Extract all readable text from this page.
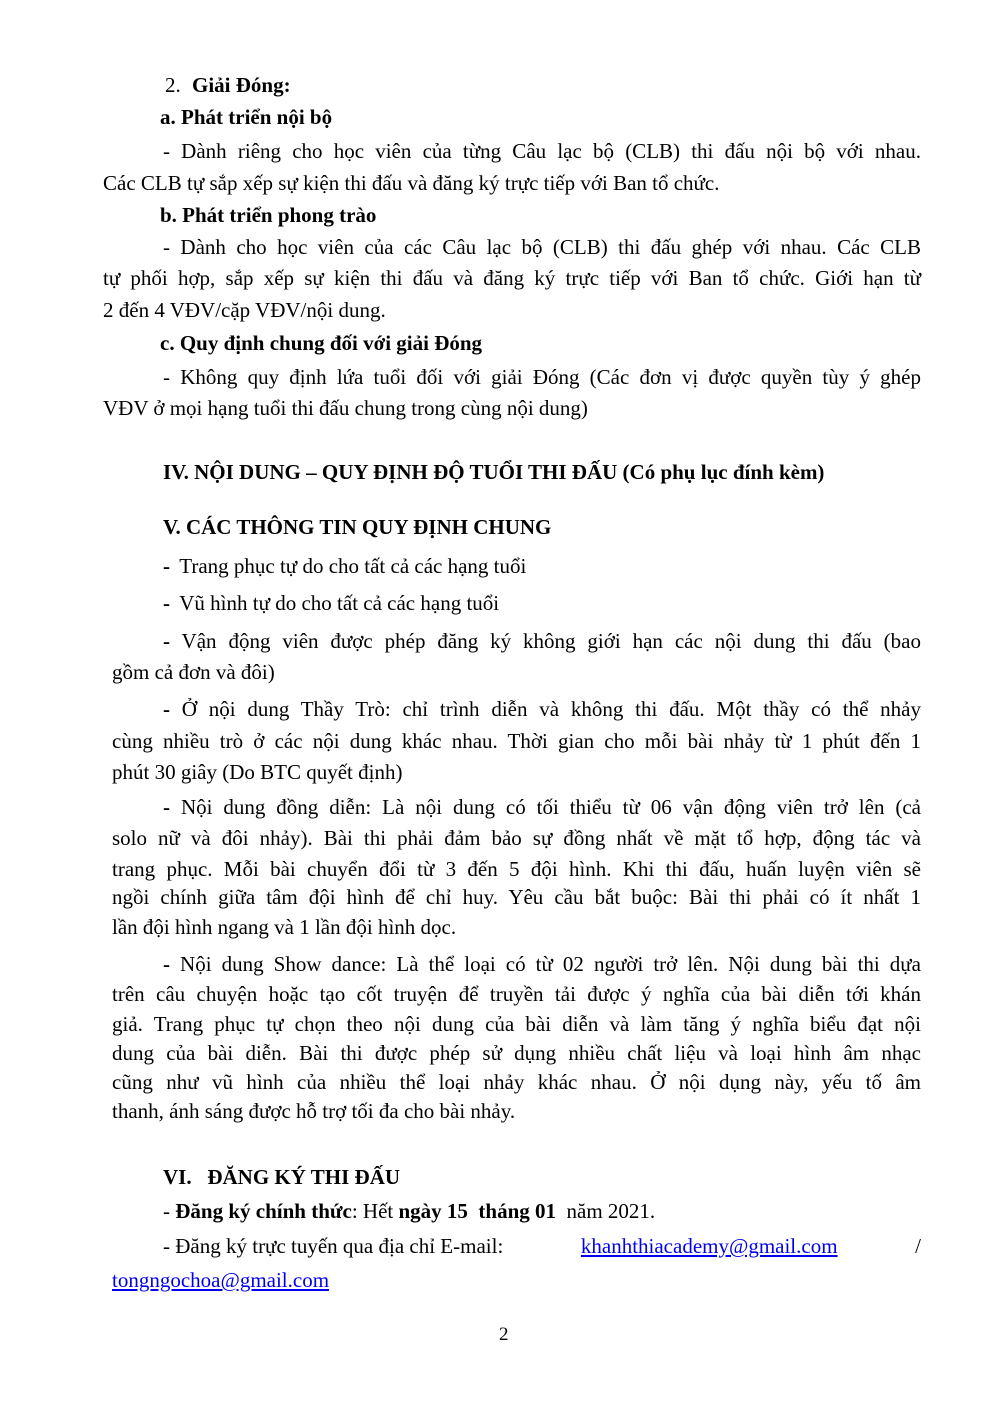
2. Giải Đóng:
a. Phát triển nội bộ
- Dành riêng cho học viên của từng Câu lạc bộ (CLB) thi đấu nội bộ với nhau.
Các CLB tự sắp xếp sự kiện thi đấu và đăng ký trực tiếp với Ban tổ chức.
b. Phát triển phong trào
- Dành cho học viên của các Câu lạc bộ (CLB) thi đấu ghép với nhau. Các CLB
tự phối hợp, sắp xếp sự kiện thi đấu và đăng ký trực tiếp với Ban tổ chức. Giới hạn từ
2 đến 4 VĐV/cặp VĐV/nội dung.
c. Quy định chung đối với giải Đóng
- Không quy định lứa tuổi đối với giải Đóng (Các đơn vị được quyền tùy ý ghép
VĐV ở mọi hạng tuổi thi đấu chung trong cùng nội dung)
IV. NỘI DUNG – QUY ĐỊNH ĐỘ TUỔI THI ĐẤU (Có phụ lục đính kèm)
V. CÁC THÔNG TIN QUY ĐỊNH CHUNG
- Trang phục tự do cho tất cả các hạng tuổi
- Vũ hình tự do cho tất cả các hạng tuổi
- Vận động viên được phép đăng ký không giới hạn các nội dung thi đấu (bao
gồm cả đơn và đôi)
- Ở nội dung Thầy Trò: chỉ trình diễn và không thi đấu. Một thầy có thể nhảy
cùng nhiều trò ở các nội dung khác nhau. Thời gian cho mỗi bài nhảy từ 1 phút đến 1
phút 30 giây (Do BTC quyết định)
- Nội dung đồng diễn: Là nội dung có tối thiểu từ 06 vận động viên trở lên (cả
solo nữ và đôi nhảy). Bài thi phải đảm bảo sự đồng nhất về mặt tổ hợp, động tác và
trang phục. Mỗi bài chuyển đổi từ 3 đến 5 đội hình. Khi thi đấu, huấn luyện viên sẽ
ngồi chính giữa tâm đội hình để chỉ huy. Yêu cầu bắt buộc: Bài thi phải có ít nhất 1
lần đội hình ngang và 1 lần đội hình dọc.
- Nội dung Show dance: Là thể loại có từ 02 người trở lên. Nội dung bài thi dựa
trên câu chuyện hoặc tạo cốt truyện để truyền tải được ý nghĩa của bài diễn tới khán
giả. Trang phục tự chọn theo nội dung của bài diễn và làm tăng ý nghĩa biểu đạt nội
dung của bài diễn. Bài thi được phép sử dụng nhiều chất liệu và loại hình âm nhạc
cũng như vũ hình của nhiều thể loại nhảy khác nhau. Ở nội dụng này, yếu tố âm
thanh, ánh sáng được hỗ trợ tối đa cho bài nhảy.
VI.   ĐĂNG KÝ THI ĐẤU
- Đăng ký chính thức: Hết ngày 15  tháng 01  năm 2021.
- Đăng ký trực tuyến qua địa chỉ E-mail:	khanhthiacademy@gmail.com	/
tongngochoa@gmail.com
2
